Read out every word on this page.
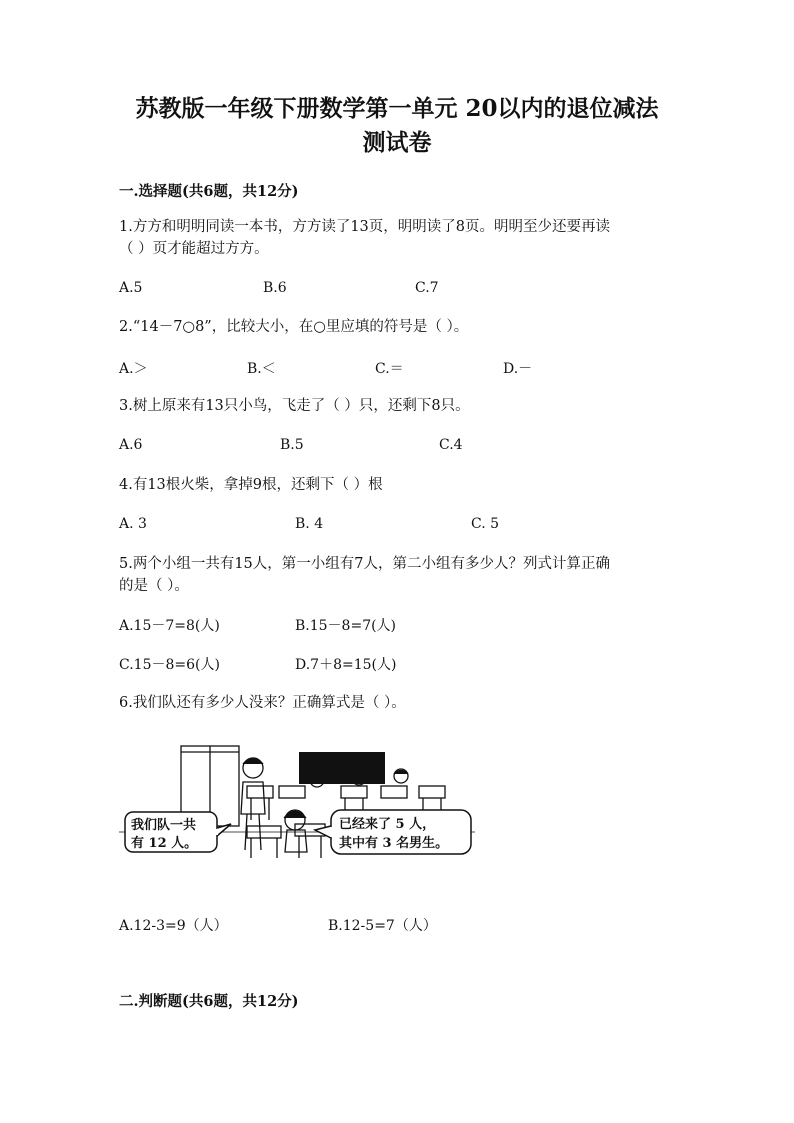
苏教版一年级下册数学第一单元 20以内的退位减法
测试卷
一.选择题(共6题，共12分)
1.方方和明明同读一本书，方方读了13页，明明读了8页。明明至少还要再读
（ ）页才能超过方方。
A.5	B.6	C.7
2.“14－7○8”，比较大小，在○里应填的符号是（ ）。
A.＞	B.＜	C.＝	D.－
3.树上原来有13只小鸟，飞走了（ ）只，还剩下8只。
A.6	B.5	C.4
4.有13根火柴，拿掉9根，还剩下（ ）根
A. 3	B. 4	C. 5
5.两个小组一共有15人，第一小组有7人，第二小组有多少人？列式计算正确
的是（ ）。
A.15－7=8(人)	B.15－8=7(人)
C.15－8=6(人)	D.7＋8=15(人)
6.我们队还有多少人没来？正确算式是（ ）。
我们队一共
有 12 人。
已经来了 5 人，
其中有 3 名男生。
A.12-3=9（人）	B.12-5=7（人）
二.判断题(共6题，共12分)
